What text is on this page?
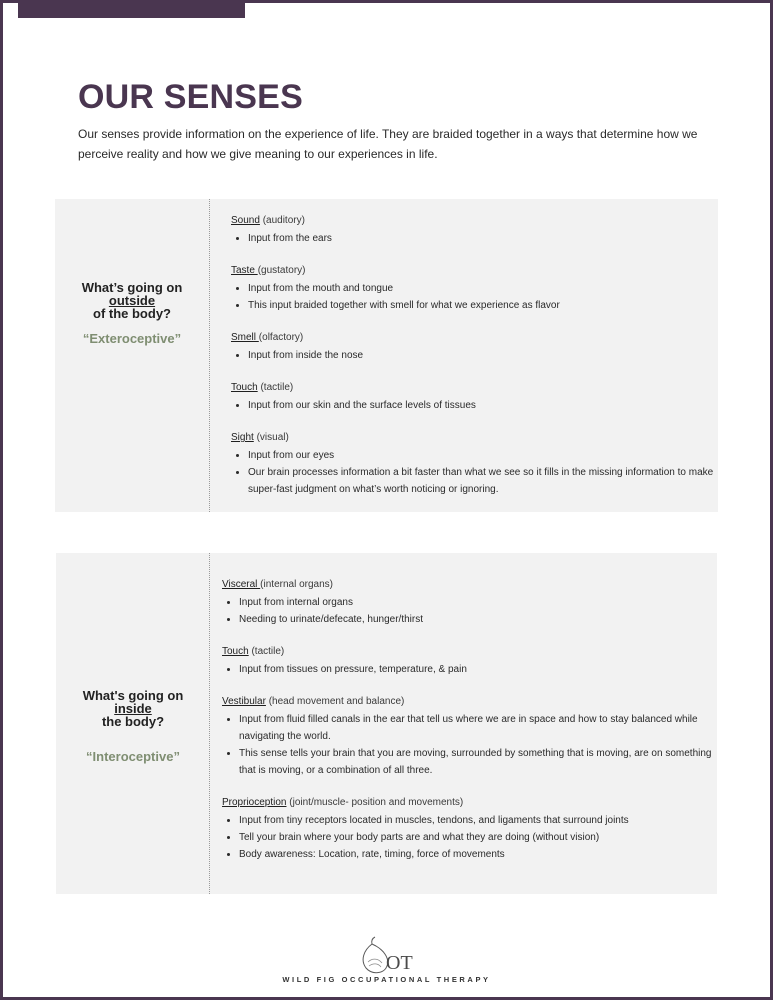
OUR SENSES

Our senses provide information on the experience of life. They are braided together in a ways that determine how we perceive reality and how we give meaning to our experiences in life.

What’s going on
outside
of the body?
“Exteroceptive”
Sound (auditory)
• Input from the ears
Taste (gustatory)
• Input from the mouth and tongue
• This input braided together with smell for what we experience as flavor
Smell (olfactory)
• Input from inside the nose
Touch (tactile)
• Input from our skin and the surface levels of tissues
Sight (visual)
• Input from our eyes
• Our brain processes information a bit faster than what we see so it fills in the missing information to make super-fast judgment on what’s worth noticing or ignoring.
What's going on
inside
the body?
“Interoceptive”
Visceral (internal organs)
• Input from internal organs
• Needing to urinate/defecate, hunger/thirst
Touch (tactile)
• Input from tissues on pressure, temperature, & pain
Vestibular (head movement and balance)
• Input from fluid filled canals in the ear that tell us where we are in space and how to stay balanced while navigating the world.
• This sense tells your brain that you are moving, surrounded by something that is moving, are on something that is moving, or a combination of all three.
Proprioception (joint/muscle- position and movements)
• Input from tiny receptors located in muscles, tendons, and ligaments that surround joints
• Tell your brain where your body parts are and what they are doing (without vision)
• Body awareness: Location, rate, timing, force of movements
OT
WILD FIG OCCUPATIONAL THERAPY
